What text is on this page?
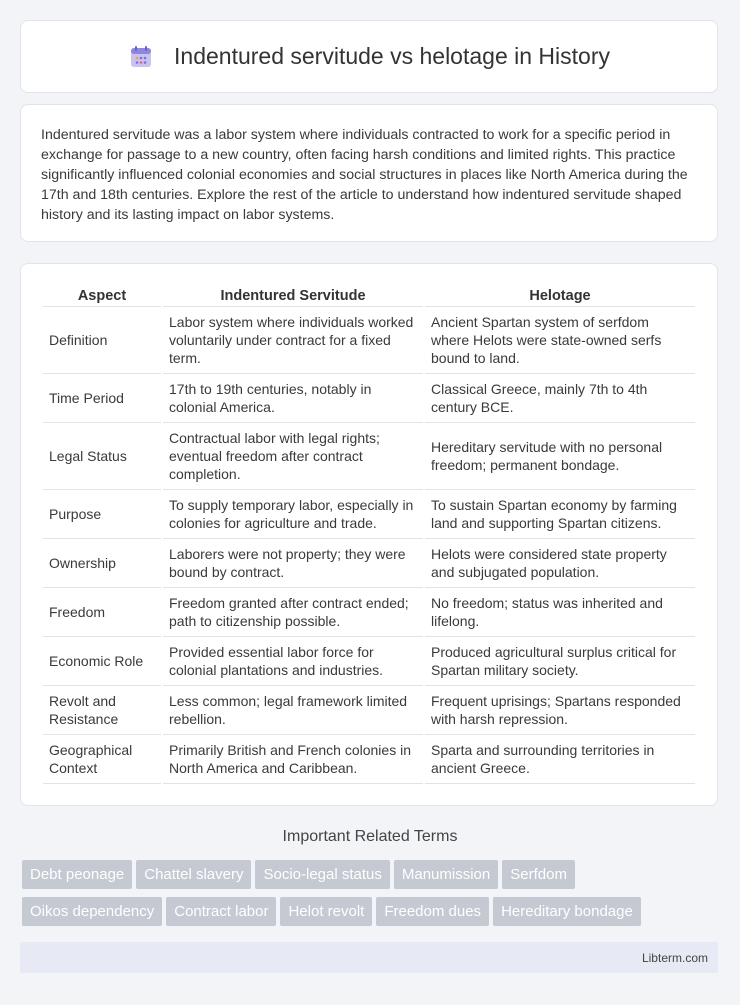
Indentured servitude vs helotage in History

Indentured servitude was a labor system where individuals contracted to work for a specific period in exchange for passage to a new country, often facing harsh conditions and limited rights. This practice significantly influenced colonial economies and social structures in places like North America during the 17th and 18th centuries. Explore the rest of the article to understand how indentured servitude shaped history and its lasting impact on labor systems.

Aspect	Indentured Servitude	Helotage
Definition	Labor system where individuals worked voluntarily under contract for a fixed term.	Ancient Spartan system of serfdom where Helots were state-owned serfs bound to land.
Time Period	17th to 19th centuries, notably in colonial America.	Classical Greece, mainly 7th to 4th century BCE.
Legal Status	Contractual labor with legal rights; eventual freedom after contract completion.	Hereditary servitude with no personal freedom; permanent bondage.
Purpose	To supply temporary labor, especially in colonies for agriculture and trade.	To sustain Spartan economy by farming land and supporting Spartan citizens.
Ownership	Laborers were not property; they were bound by contract.	Helots were considered state property and subjugated population.
Freedom	Freedom granted after contract ended; path to citizenship possible.	No freedom; status was inherited and lifelong.
Economic Role	Provided essential labor force for colonial plantations and industries.	Produced agricultural surplus critical for Spartan military society.
Revolt and Resistance	Less common; legal framework limited rebellion.	Frequent uprisings; Spartans responded with harsh repression.
Geographical Context	Primarily British and French colonies in North America and Caribbean.	Sparta and surrounding territories in ancient Greece.
Important Related Terms
Debt peonage Chattel slavery Socio-legal status Manumission SerfdomOikos dependency Contract labor Helot revolt Freedom dues Hereditary bondage
Libterm.com
